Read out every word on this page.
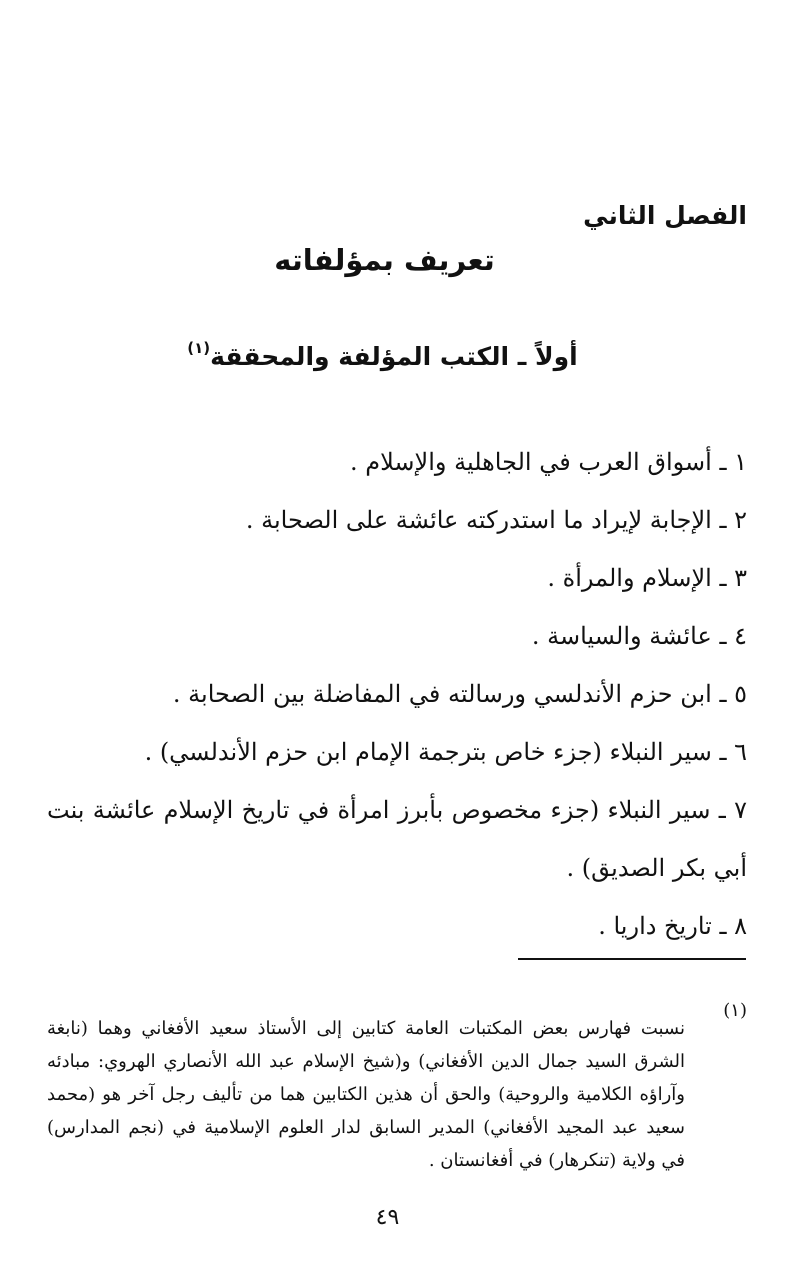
الفصل الثاني
تعريف بمؤلفاته
أولاً ـ الكتب المؤلفة والمحققة$^{(١)}$
١ ـ أسواق العرب في الجاهلية والإسلام .
٢ ـ الإجابة لإيراد ما استدركته عائشة على الصحابة .
٣ ـ الإسلام والمرأة .
٤ ـ عائشة والسياسة .
٥ ـ ابن حزم الأندلسي ورسالته في المفاضلة بين الصحابة .
٦ ـ سير النبلاء (جزء خاص بترجمة الإمام ابن حزم الأندلسي) .
٧ ـ سير النبلاء (جزء مخصوص بأبرز امرأة في تاريخ الإسلام عائشة بنت أبي بكر الصديق) .
٨ ـ تاريخ داريا .
(١)

نسبت فهارس بعض المكتبات العامة كتابين إلى الأستاذ سعيد الأفغاني وهما (نابغة الشرق السيد جمال الدين الأفغاني) و(شيخ الإسلام عبد الله الأنصاري الهروي: مبادئه وآراؤه الكلامية والروحية) والحق أن هذين الكتابين هما من تأليف رجل آخر هو (محمد سعيد عبد المجيد الأفغاني) المدير السابق لدار العلوم الإسلامية في (نجم المدارس) في ولاية (تنكرهار) في أفغانستان .

٤٩
